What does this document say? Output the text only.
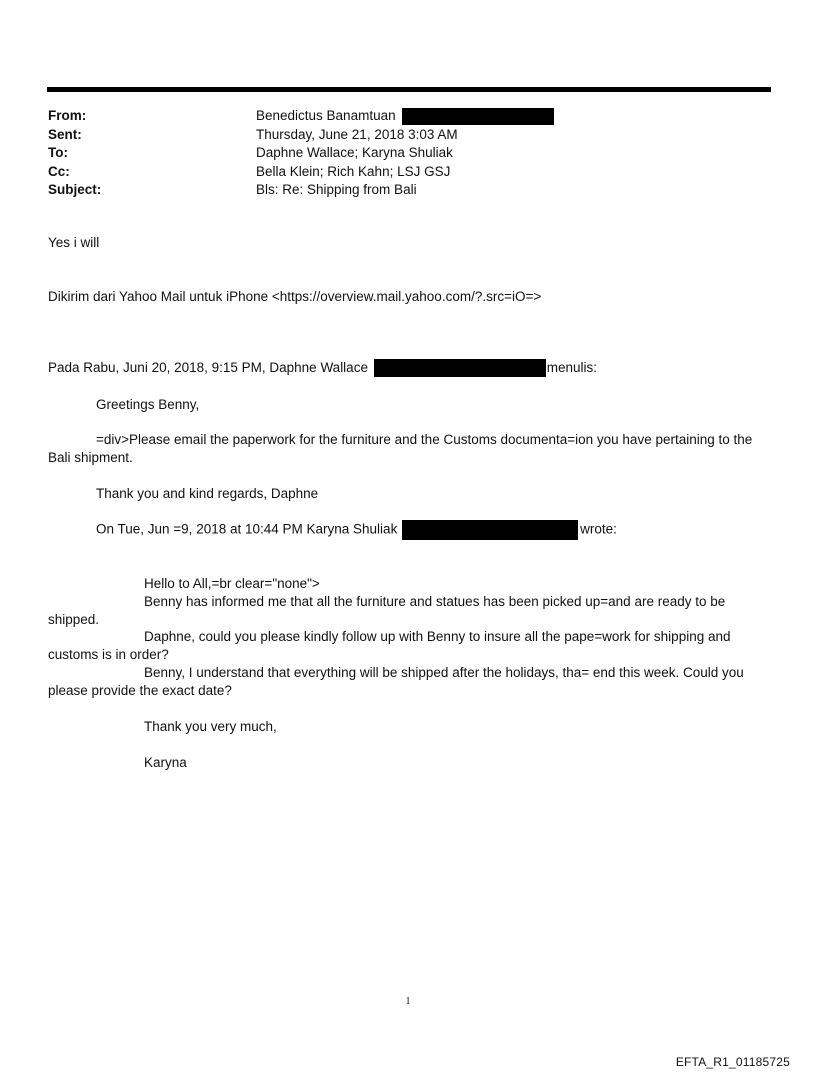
From:	Benedictus Banamtuan
Sent:	Thursday, June 21, 2018 3:03 AM
To:	Daphne Wallace; Karyna Shuliak
Cc:	Bella Klein; Rich Kahn; LSJ GSJ
Subject:	Bls: Re: Shipping from Bali
Yes i will
Dikirim dari Yahoo Mail untuk iPhone <https://overview.mail.yahoo.com/?.src=iO=>
Pada Rabu, Juni 20, 2018, 9:15 PM, Daphne Wallace	menulis:
Greetings Benny,
=div>Please email the paperwork for the furniture and the Customs documenta=ion you have pertaining to the
Bali shipment.
Thank you and kind regards, Daphne
On Tue, Jun =9, 2018 at 10:44 PM Karyna Shuliak	wrote:
Hello to All,=br clear="none">
Benny has informed me that all the furniture and statues has been picked up=and are ready to be
shipped.
Daphne, could you please kindly follow up with Benny to insure all the pape=work for shipping and
customs is in order?
Benny, I understand that everything will be shipped after the holidays, tha= end this week. Could you
please provide the exact date?
Thank you very much,
Karyna
1
EFTA_R1_01185725
